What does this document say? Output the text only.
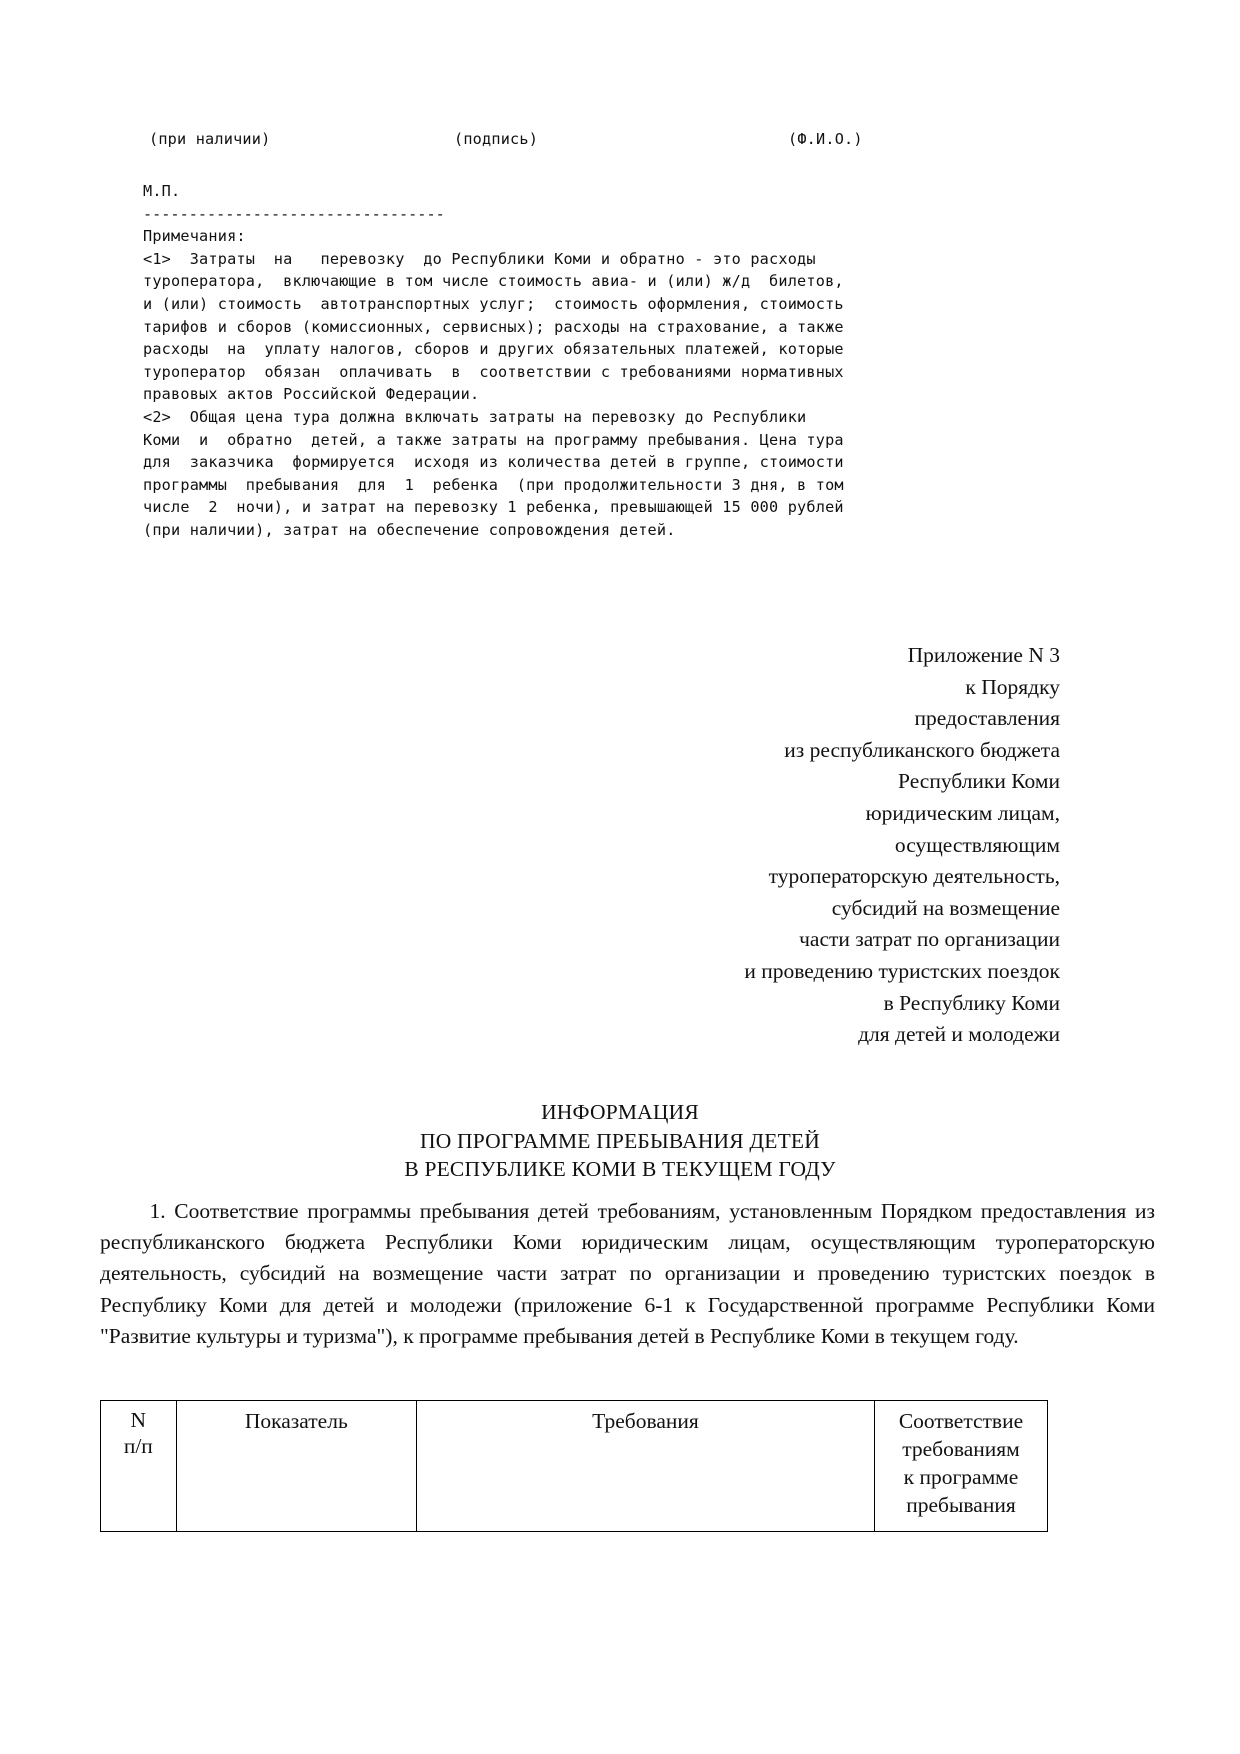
(при наличии)

	(подпись)

	(Ф.И.О.)

М.П.
---------------------------------
Примечания:
<1>  Затраты  на   перевозку  до Республики Коми и обратно - это расходы
туроператора,  включающие в том числе стоимость авиа- и (или) ж/д  билетов,
и (или) стоимость  автотранспортных услуг;  стоимость оформления, стоимость
тарифов и сборов (комиссионных, сервисных); расходы на страхование, а также
расходы  на  уплату налогов, сборов и других обязательных платежей, которые
туроператор  обязан  оплачивать  в  соответствии с требованиями нормативных
правовых актов Российской Федерации.
<2>  Общая цена тура должна включать затраты на перевозку до Республики
Коми  и  обратно  детей, а также затраты на программу пребывания. Цена тура
для  заказчика  формируется  исходя из количества детей в группе, стоимости
программы  пребывания  для  1  ребенка  (при продолжительности 3 дня, в том
числе  2  ночи), и затрат на перевозку 1 ребенка, превышающей 15 000 рублей
(при наличии), затрат на обеспечение сопровождения детей.
Приложение N 3
к Порядку
предоставления
из республиканского бюджета
Республики Коми
юридическим лицам,
осуществляющим
туроператорскую деятельность,
субсидий на возмещение
части затрат по организации
и проведению туристских поездок
в Республику Коми
для детей и молодежи
ИНФОРМАЦИЯ
ПО ПРОГРАММЕ ПРЕБЫВАНИЯ ДЕТЕЙ
В РЕСПУБЛИКЕ КОМИ В ТЕКУЩЕМ ГОДУ
1. Соответствие программы пребывания детей требованиям, установленным Порядком предоставления из республиканского бюджета Республики Коми юридическим лицам, осуществляющим туроператорскую деятельность, субсидий на возмещение части затрат по организации и проведению туристских поездок в Республику Коми для детей и молодежи (приложение 6-1 к Государственной программе Республики Коми "Развитие культуры и туризма"), к программе пребывания детей в Республике Коми в текущем году.
N
п/п
	Показатель	Требования	Соответствие
требованиям
к программе
пребывания
